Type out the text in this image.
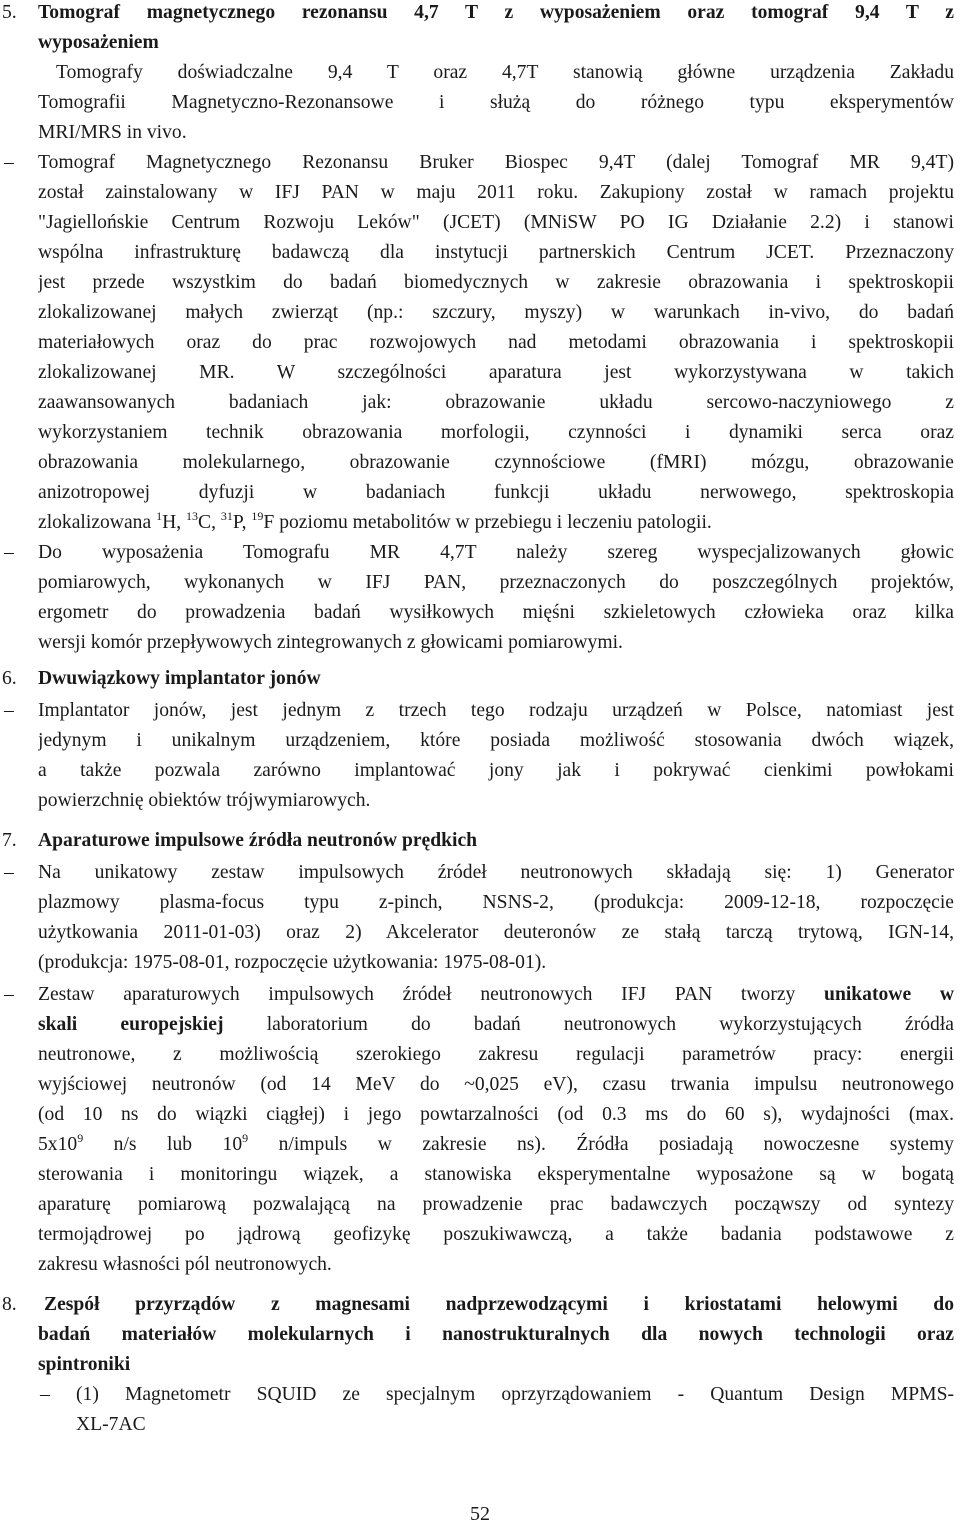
5. Tomograf magnetycznego rezonansu 4,7 T z wyposażeniem oraz tomograf 9,4 T z
wyposażeniem
Tomografy doświadczalne 9,4 T oraz 4,7T stanowią główne urządzenia Zakładu
Tomografii Magnetyczno-Rezonansowe i służą do różnego typu eksperymentów
MRI/MRS in vivo.
– Tomograf Magnetycznego Rezonansu Bruker Biospec 9,4T (dalej Tomograf MR 9,4T)
został zainstalowany w IFJ PAN w maju 2011 roku. Zakupiony został w ramach projektu
"Jagiellońskie Centrum Rozwoju Leków" (JCET) (MNiSW PO IG Działanie 2.2) i stanowi
wspólna infrastrukturę badawczą dla instytucji partnerskich Centrum JCET. Przeznaczony
jest przede wszystkim do badań biomedycznych w zakresie obrazowania i spektroskopii
zlokalizowanej małych zwierząt (np.: szczury, myszy) w warunkach in-vivo, do badań
materiałowych oraz do prac rozwojowych nad metodami obrazowania i spektroskopii
zlokalizowanej MR. W szczególności aparatura jest wykorzystywana w takich
zaawansowanych badaniach jak: obrazowanie układu sercowo-naczyniowego z
wykorzystaniem technik obrazowania morfologii, czynności i dynamiki serca oraz
obrazowania molekularnego, obrazowanie czynnościowe (fMRI) mózgu, obrazowanie
anizotropowej dyfuzji w badaniach funkcji układu nerwowego, spektroskopia
zlokalizowana $^1$H, $^{13}$C, $^{31}$P, $^{19}$F poziomu metabolitów w przebiegu i leczeniu patologii.
– Do wyposażenia Tomografu MR 4,7T należy szereg wyspecjalizowanych głowic
pomiarowych, wykonanych w IFJ PAN, przeznaczonych do poszczególnych projektów,
ergometr do prowadzenia badań wysiłkowych mięśni szkieletowych człowieka oraz kilka
wersji komór przepływowych zintegrowanych z głowicami pomiarowymi.
6. Dwuwiązkowy implantator jonów
– Implantator jonów, jest jednym z trzech tego rodzaju urządzeń w Polsce, natomiast jest
jedynym i unikalnym urządzeniem, które posiada możliwość stosowania dwóch wiązek,
a także pozwala zarówno implantować jony jak i pokrywać cienkimi powłokami
powierzchnię obiektów trójwymiarowych.
7. Aparaturowe impulsowe źródła neutronów prędkich
– Na unikatowy zestaw impulsowych źródeł neutronowych składają się: 1) Generator
plazmowy plasma-focus typu z-pinch, NSNS-2, (produkcja: 2009-12-18, rozpoczęcie
użytkowania 2011-01-03) oraz 2) Akcelerator deuteronów ze stałą tarczą trytową, IGN-14,
(produkcja: 1975-08-01, rozpoczęcie użytkowania: 1975-08-01).
– Zestaw aparaturowych impulsowych źródeł neutronowych IFJ PAN tworzy unikatowe w
skali europejskiej laboratorium do badań neutronowych wykorzystujących źródła
neutronowe, z możliwością szerokiego zakresu regulacji parametrów pracy: energii
wyjściowej neutronów (od 14 MeV do ~0,025 eV), czasu trwania impulsu neutronowego
(od 10 ns do wiązki ciągłej) i jego powtarzalności (od 0.3 ms do 60 s), wydajności (max.
$5x10^9$ n/s lub $10^9$ n/impuls w zakresie ns). Źródła posiadają nowoczesne systemy
sterowania i monitoringu wiązek, a stanowiska eksperymentalne wyposażone są w bogatą
aparaturę pomiarową pozwalającą na prowadzenie prac badawczych począwszy od syntezy
termojądrowej po jądrową geofizykę poszukiwawczą, a także badania podstawowe z
zakresu własności pól neutronowych.
8. Zespół przyrządów z magnesami nadprzewodzącymi i kriostatami helowymi do
badań materiałów molekularnych i nanostrukturalnych dla nowych technologii oraz
spintroniki
– (1) Magnetometr SQUID ze specjalnym oprzyrządowaniem - Quantum Design MPMS-
XL-7AC
52
